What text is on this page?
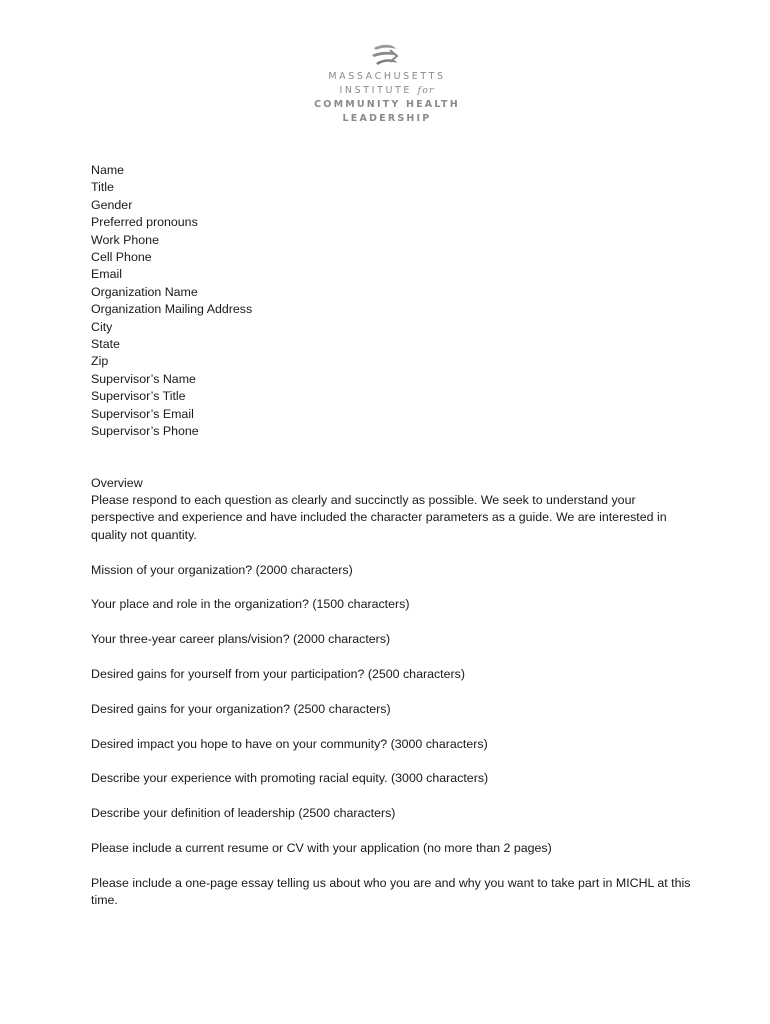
MASSACHUSETTS
INSTITUTE for
COMMUNITY HEALTH
LEADERSHIP
Name
Title
Gender
Preferred pronouns
Work Phone
Cell Phone
Email
Organization Name
Organization Mailing Address
City
State
Zip
Supervisor’s Name
Supervisor’s Title
Supervisor’s Email
Supervisor’s Phone

Overview

Please respond to each question as clearly and succinctly as possible. We seek to understand your perspective and experience and have included the character parameters as a guide. We are interested in quality not quantity.

Mission of your organization? (2000 characters)

Your place and role in the organization? (1500 characters)

Your three-year career plans/vision? (2000 characters)

Desired gains for yourself from your participation? (2500 characters)

Desired gains for your organization? (2500 characters)

Desired impact you hope to have on your community? (3000 characters)

Describe your experience with promoting racial equity. (3000 characters)

Describe your definition of leadership (2500 characters)

Please include a current resume or CV with your application (no more than 2 pages)

Please include a one-page essay telling us about who you are and why you want to take part in MICHL at this time.
